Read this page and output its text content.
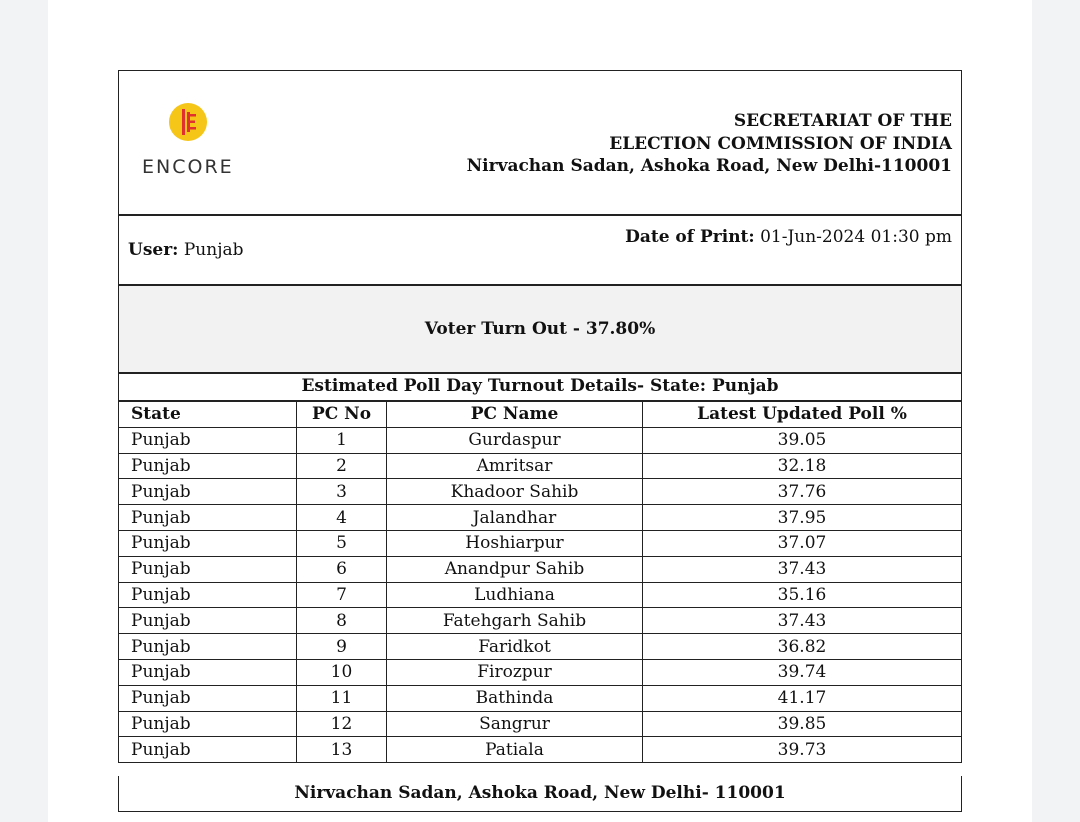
ENCORE
SECRETARIAT OF THE
ELECTION COMMISSION OF INDIA
Nirvachan Sadan, Ashoka Road, New Delhi-110001
User: Punjab
Date of Print: 01-Jun-2024 01:30 pm
Voter Turn Out - 37.80%
Estimated Poll Day Turnout Details- State: Punjab
State	PC No	PC Name	Latest Updated Poll %
Punjab	1	Gurdaspur	39.05
Punjab	2	Amritsar	32.18
Punjab	3	Khadoor Sahib	37.76
Punjab	4	Jalandhar	37.95
Punjab	5	Hoshiarpur	37.07
Punjab	6	Anandpur Sahib	37.43
Punjab	7	Ludhiana	35.16
Punjab	8	Fatehgarh Sahib	37.43
Punjab	9	Faridkot	36.82
Punjab	10	Firozpur	39.74
Punjab	11	Bathinda	41.17
Punjab	12	Sangrur	39.85
Punjab	13	Patiala	39.73
Nirvachan Sadan, Ashoka Road, New Delhi- 110001
